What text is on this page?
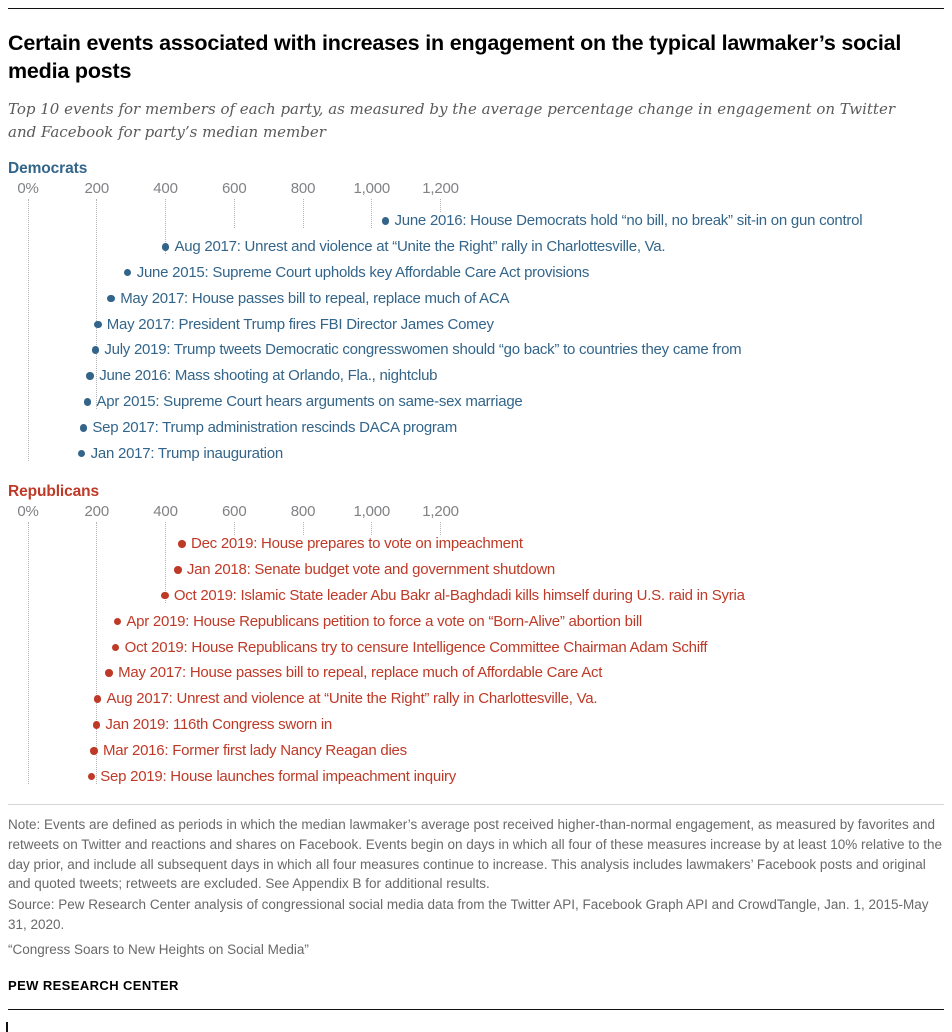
Certain events associated with increases in engagement on the typical lawmaker’s social media posts

Top 10 events for members of each party, as measured by the average percentage change in engagement on Twitter and Facebook for party’s median member

Democrats
0%	200	400	600	800	1,000 1,200
June 2016: House Democrats hold “no bill, no break” sit-in on gun control
Aug 2017: Unrest and violence at “Unite the Right” rally in Charlottesville, Va.
June 2015: Supreme Court upholds key Affordable Care Act provisions
May 2017: House passes bill to repeal, replace much of ACA
May 2017: President Trump fires FBI Director James Comey
July 2019: Trump tweets Democratic congresswomen should “go back” to countries they came from
June 2016: Mass shooting at Orlando, Fla., nightclub
Apr 2015: Supreme Court hears arguments on same-sex marriage
Sep 2017: Trump administration rescinds DACA program
Jan 2017: Trump inauguration
Republicans
0%	200	400	600	800	1,000 1,200
Dec 2019: House prepares to vote on impeachment
Jan 2018: Senate budget vote and government shutdown
Oct 2019: Islamic State leader Abu Bakr al-Baghdadi kills himself during U.S. raid in Syria
Apr 2019: House Republicans petition to force a vote on “Born-Alive” abortion bill
Oct 2019: House Republicans try to censure Intelligence Committee Chairman Adam Schiff
May 2017: House passes bill to repeal, replace much of Affordable Care Act
Aug 2017: Unrest and violence at “Unite the Right” rally in Charlottesville, Va.
Jan 2019: 116th Congress sworn in
Mar 2016: Former first lady Nancy Reagan dies
Sep 2019: House launches formal impeachment inquiry

Note: Events are defined as periods in which the median lawmaker’s average post received higher-than-normal engagement, as measured by favorites and retweets on Twitter and reactions and shares on Facebook. Events begin on days in which all four of these measures increase by at least 10% relative to the day prior, and include all subsequent days in which all four measures continue to increase. This analysis includes lawmakers’ Facebook posts and original and quoted tweets; retweets are excluded. See Appendix B for additional results.

Source: Pew Research Center analysis of congressional social media data from the Twitter API, Facebook Graph API and CrowdTangle, Jan. 1, 2015-May 31, 2020.

“Congress Soars to New Heights on Social Media”

PEW RESEARCH CENTER
